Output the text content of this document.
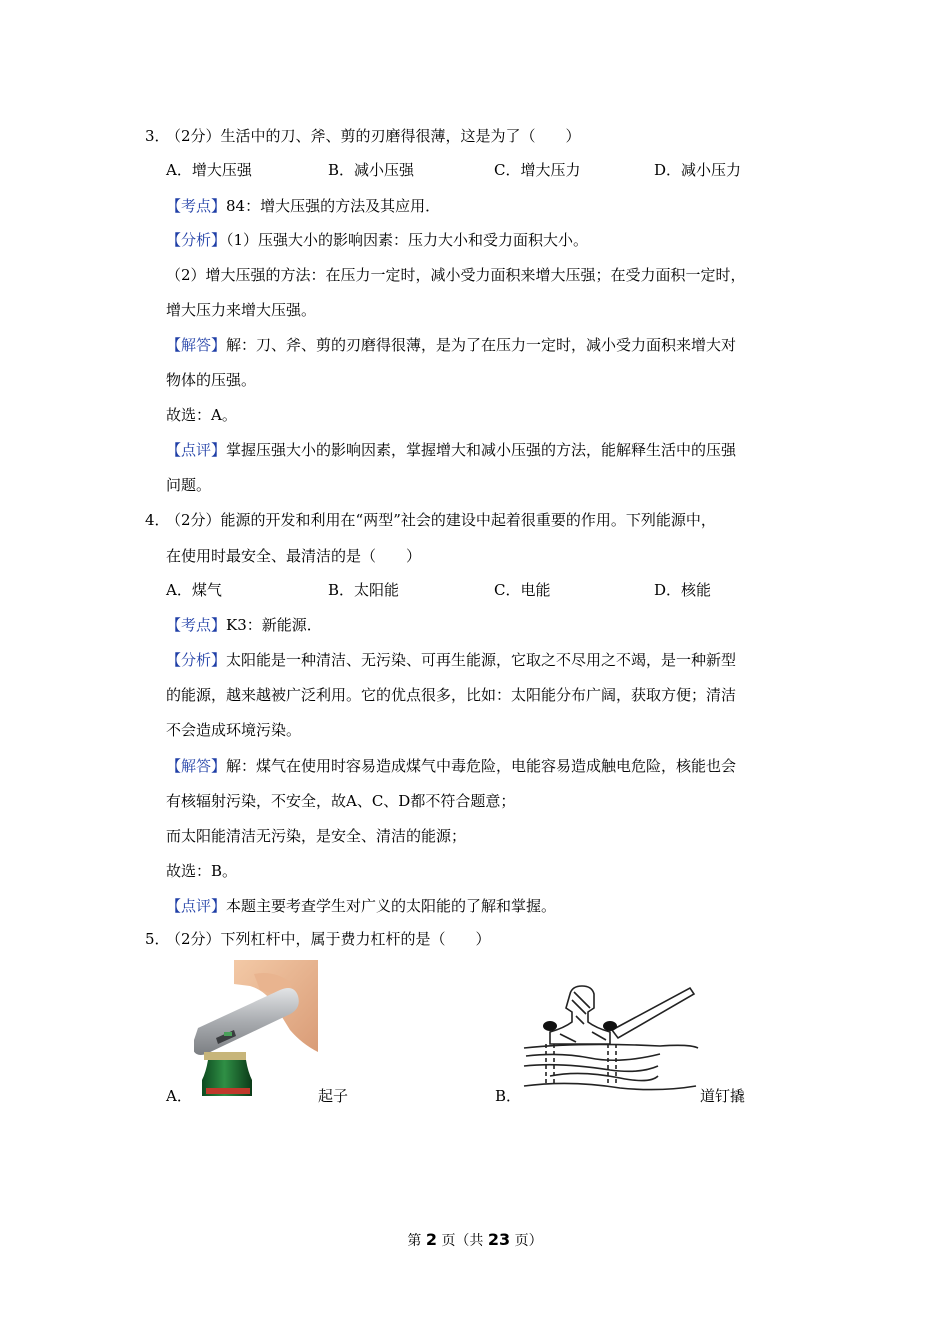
3．
（2分）生活中的刀、斧、剪的刃磨得很薄，这是为了（　　）
A．增大压强	B．减小压强	C．增大压力	D．减小压力
【考点】84：增大压强的方法及其应用．
【分析】（1）压强大小的影响因素：压力大小和受力面积大小。
（2）增大压强的方法：在压力一定时，减小受力面积来增大压强；在受力面积一定时，
增大压力来增大压强。
【解答】解：刀、斧、剪的刃磨得很薄，是为了在压力一定时，减小受力面积来增大对
物体的压强。
故选：A。
【点评】掌握压强大小的影响因素，掌握增大和减小压强的方法，能解释生活中的压强
问题。
4．
（2分）能源的开发和利用在“两型”社会的建设中起着很重要的作用。下列能源中，
在使用时最安全、最清洁的是（　　）
A．煤气	B．太阳能	C．电能	D．核能
【考点】K3：新能源．
【分析】太阳能是一种清洁、无污染、可再生能源，它取之不尽用之不竭，是一种新型
的能源，越来越被广泛利用。它的优点很多，比如：太阳能分布广阔，获取方便；清洁
不会造成环境污染。
【解答】解：煤气在使用时容易造成煤气中毒危险，电能容易造成触电危险，核能也会
有核辐射污染，不安全，故A、C、D都不符合题意；
而太阳能清洁无污染，是安全、清洁的能源；
故选：B。
【点评】本题主要考查学生对广义的太阳能的了解和掌握。
5．
（2分）下列杠杆中，属于费力杠杆的是（　　）
A．	起子	B．	道钉撬
第 2 页（共 23 页）
